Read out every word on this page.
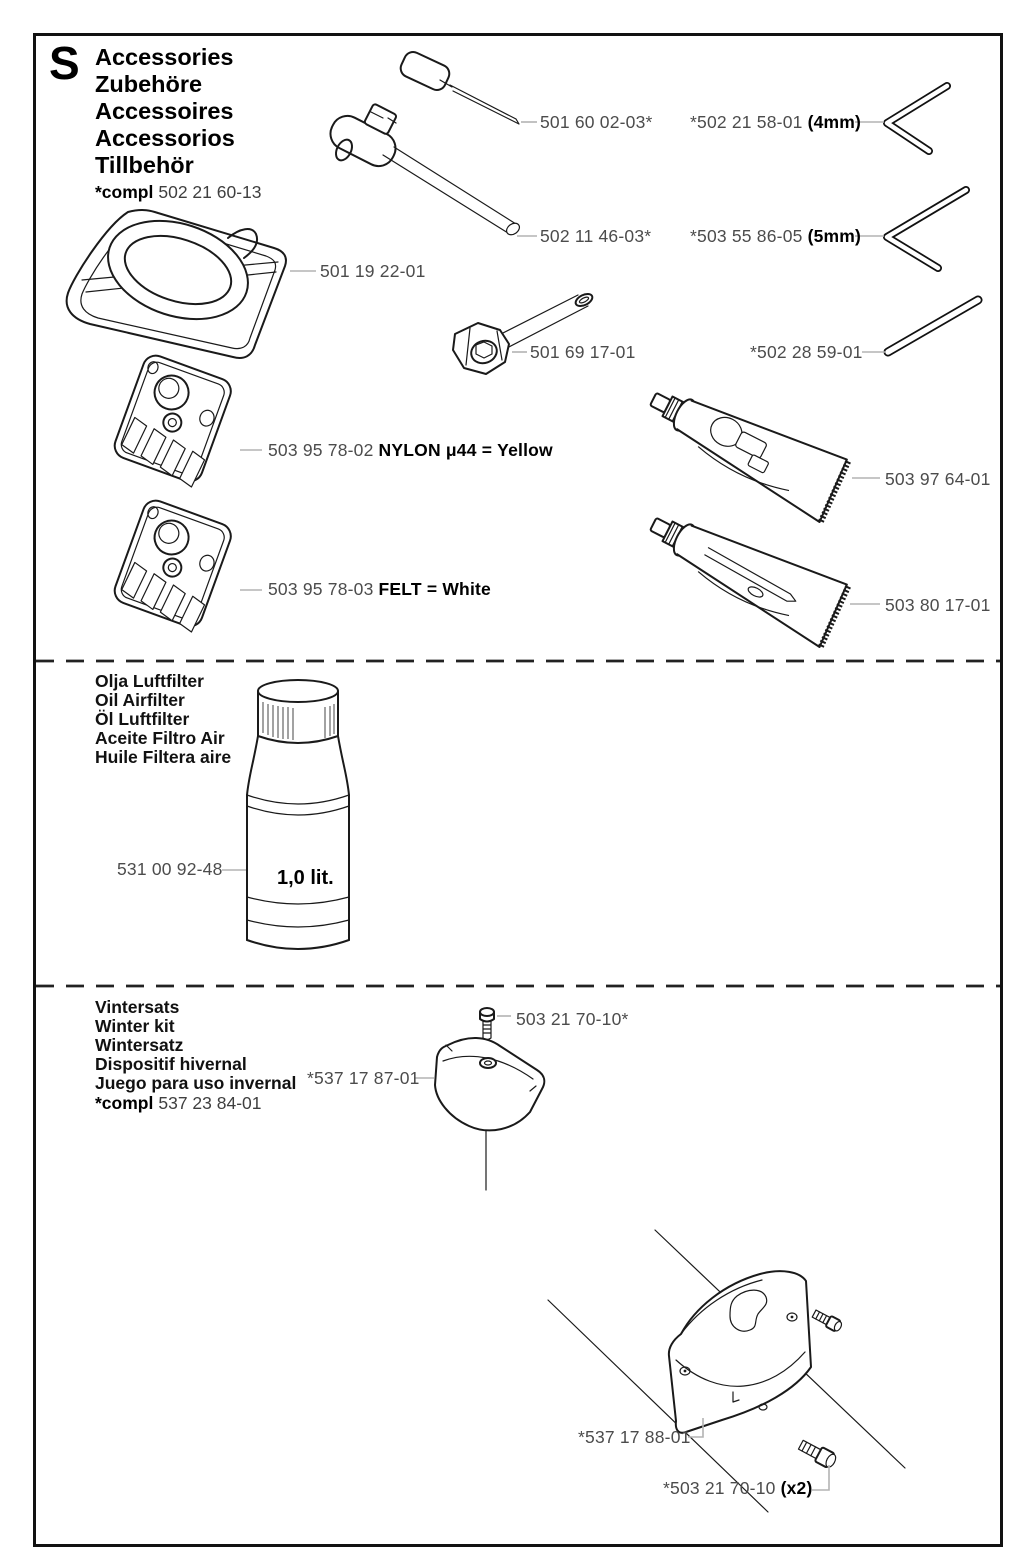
S Accessories
Zubehöre
Accessoires
Accessorios
Tillbehör
*compl 502 21 60-13
501 60 02-03* *502 21 58-01 (4mm)
502 11 46-03* *503 55 86-05 (5mm)
501 19 22-01
501 69 17-01	*502 28 59-01
503 95 78-02 NYLON μ44 = Yellow
503 97 64-01
503 95 78-03 FELT = White
503 80 17-01
Olja Luftfilter
Oil Airfilter
Öl Luftfilter
Aceite Filtro Air
Huile Filtera aire
531 00 92-48	1,0 lit.
Vintersats
Winter kit
Wintersatz
Dispositif hivernal
Juego para uso invernal
*compl 537 23 84-01
503 21 70-10*
*537 17 87-01
*537 17 88-01
*503 21 70-10 (x2)
